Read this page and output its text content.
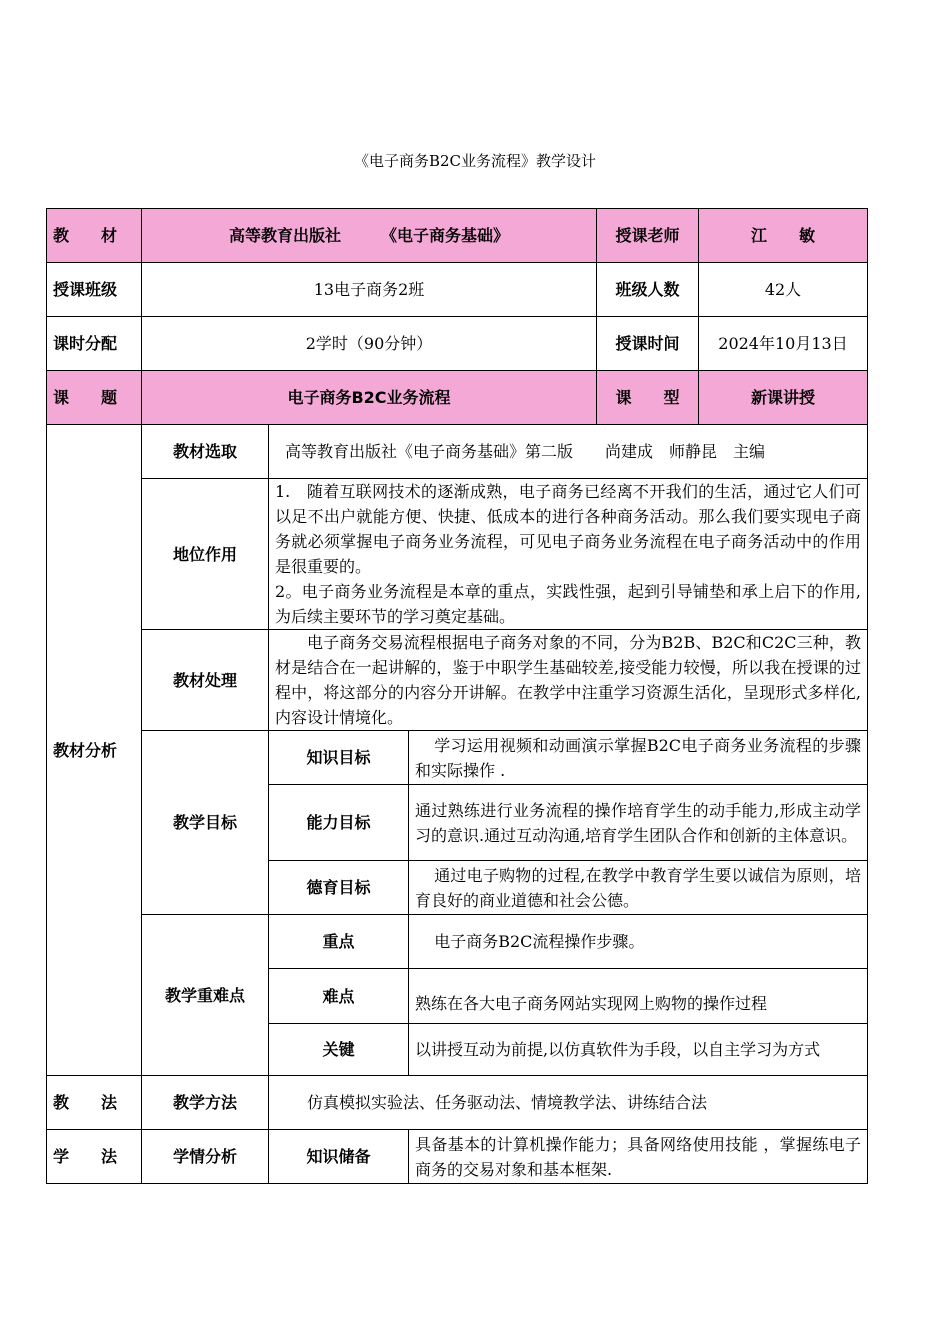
《电子商务B2C业务流程》教学设计
教　　材	高等教育出版社　　　《电子商务基础》			授课老师	江　　敏
授课班级	13电子商务2班			班级人数	42人
课时分配	2学时（90分钟）			授课时间	2024年10月13日
课　　题	电子商务B2C业务流程			课　　型	新课讲授
教材分析	教材选取	高等教育出版社《电子商务基础》第二版　　尚建成　师静昆　主编			
	地位作用	1.　随着互联网技术的逐渐成熟，电子商务已经离不开我们的生活，通过它人们可以足不出户就能方便、快捷、低成本的进行各种商务活动。那么我们要实现电子商务就必须掌握电子商务业务流程，可见电子商务业务流程在电子商务活动中的作用是很重要的。

2。电子商务业务流程是本章的重点，实践性强，起到引导铺垫和承上启下的作用,为后续主要环节的学习奠定基础。			

	教材处理	电子商务交易流程根据电子商务对象的不同，分为B2B、B2C和C2C三种，教材是结合在一起讲解的，鉴于中职学生基础较差,接受能力较慢，所以我在授课的过程中，将这部分的内容分开讲解。在教学中注重学习资源生活化，呈现形式多样化,内容设计情境化。			

	教学目标	知识目标	学习运用视频和动画演示掌握B2C电子商务业务流程的步骤和实际操作 .		

		能力目标	通过熟练进行业务流程的操作培育学生的动手能力,形成主动学习的意识.通过互动沟通,培育学生团队合作和创新的主体意识。		

		德育目标	通过电子购物的过程,在教学中教育学生要以诚信为原则，培育良好的商业道德和社会公德。		

	教学重难点	重点	电子商务B2C流程操作步骤。		

		难点	熟练在各大电子商务网站实现网上购物的操作过程		

		关键	以讲授互动为前提,以仿真软件为手段，以自主学习为方式		

教　　法	教学方法	仿真模拟实验法、任务驱动法、情境教学法、讲练结合法			
学　　法	学情分析	知识储备	具备基本的计算机操作能力；具备网络使用技能 ，掌握练电子商务的交易对象和基本框架.		
